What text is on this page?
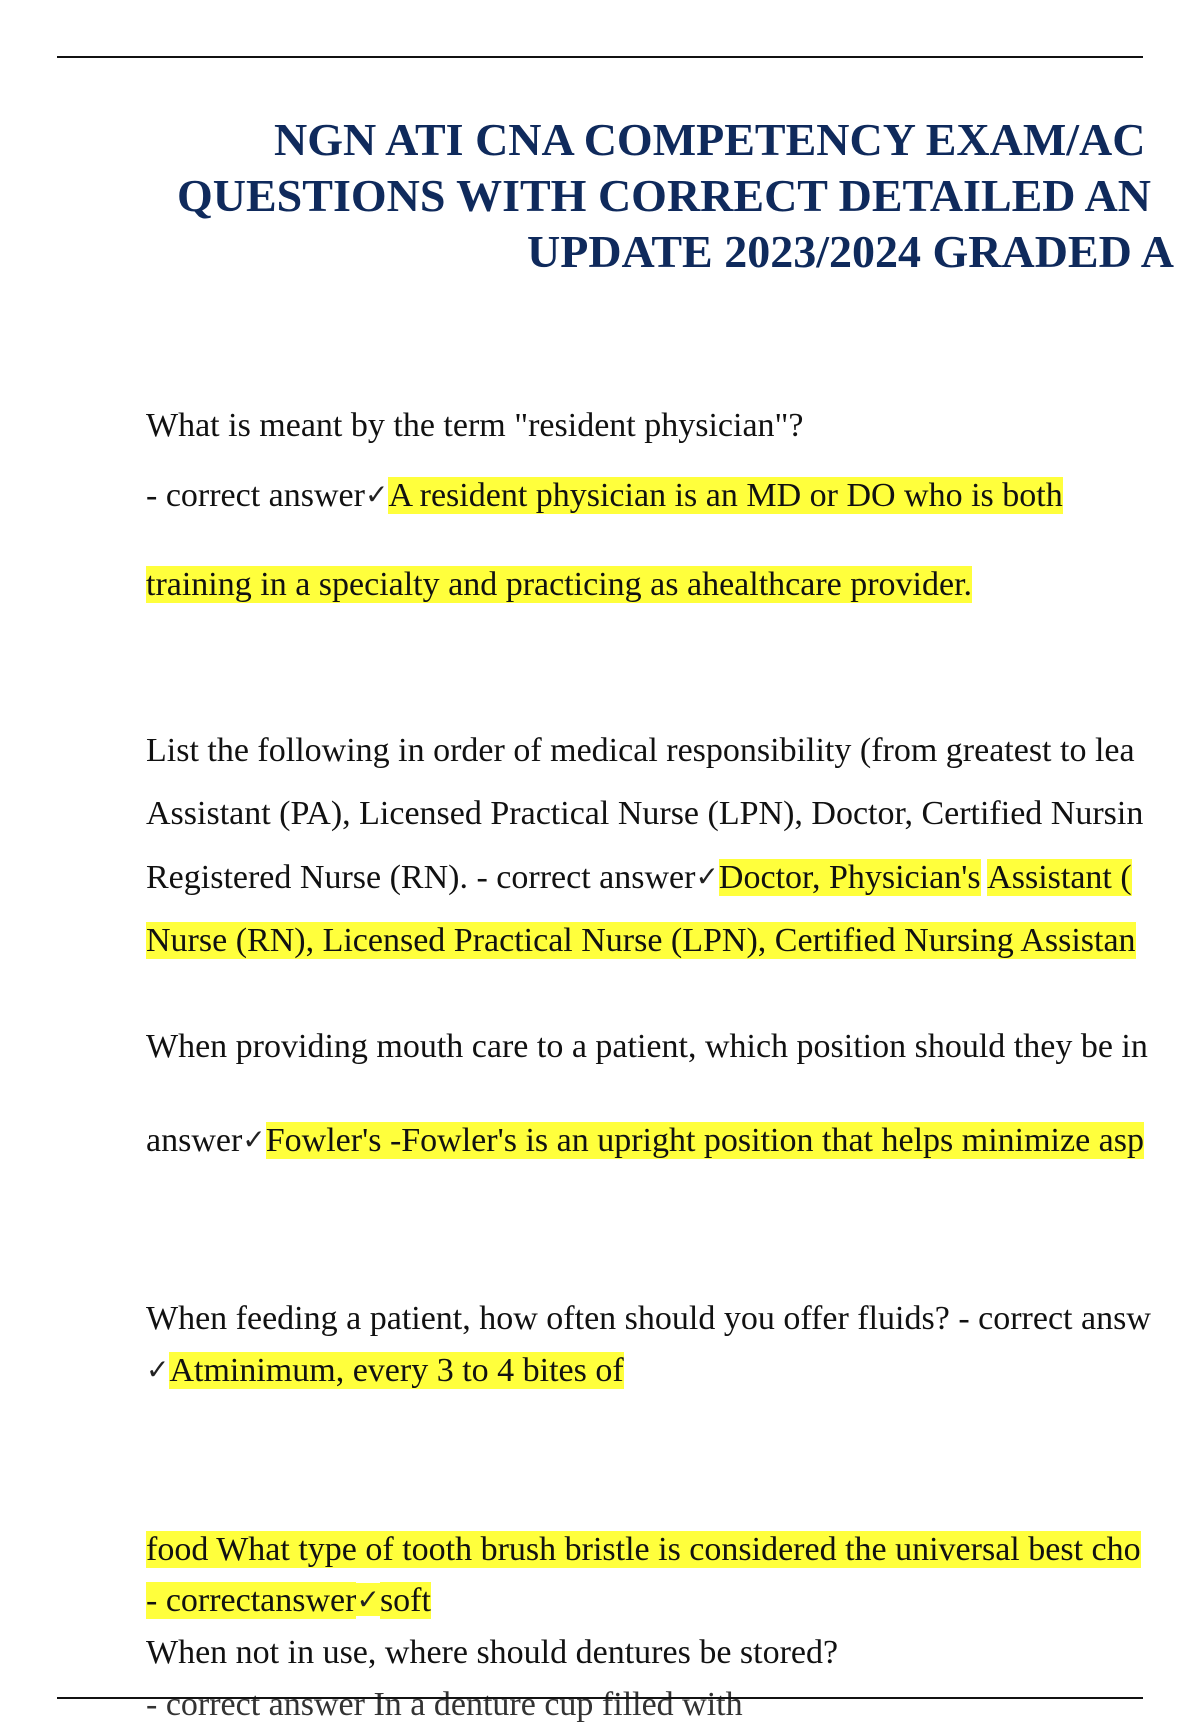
NGN ATI CNA COMPETENCY EXAM/AC
QUESTIONS WITH CORRECT DETAILED AN
UPDATE 2023/2024 GRADED A
What is meant by the term "resident physician"?
- correct answer✓A resident physician is an MD or DO who is both
training in a specialty and practicing as ahealthcare provider.
List the following in order of medical responsibility (from greatest to lea
Assistant (PA), Licensed Practical Nurse (LPN), Doctor, Certified Nursin
Registered Nurse (RN). - correct answer✓Doctor, Physician's Assistant (
Nurse (RN), Licensed Practical Nurse (LPN), Certified Nursing Assistan
When providing mouth care to a patient, which position should they be in
answer✓Fowler's -Fowler's is an upright position that helps minimize asp
When feeding a patient, how often should you offer fluids? - correct answ
✓Atminimum, every 3 to 4 bites of
food What type of tooth brush bristle is considered the universal best cho
- correctanswer✓soft
When not in use, where should dentures be stored?
- correct answer In a denture cup filled with
